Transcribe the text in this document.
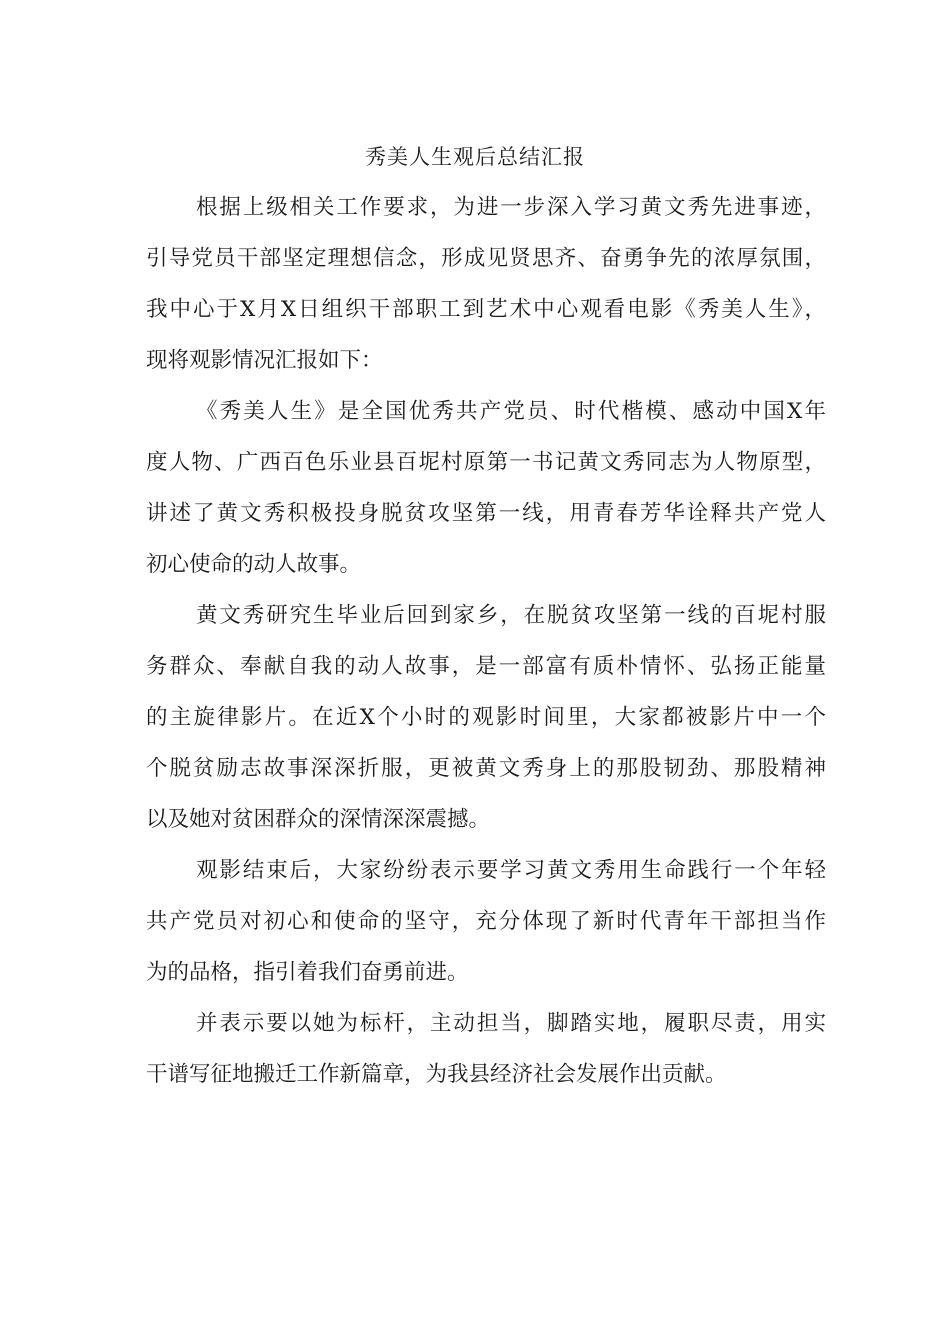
秀美人生观后总结汇报
根据上级相关工作要求，为进一步深入学习黄文秀先进事迹，
引导党员干部坚定理想信念，形成见贤思齐、奋勇争先的浓厚氛围，
我中心于X月X日组织干部职工到艺术中心观看电影《秀美人生》，
现将观影情况汇报如下：
《秀美人生》是全国优秀共产党员、时代楷模、感动中国X年
度人物、广西百色乐业县百坭村原第一书记黄文秀同志为人物原型，
讲述了黄文秀积极投身脱贫攻坚第一线，用青春芳华诠释共产党人
初心使命的动人故事。
黄文秀研究生毕业后回到家乡，在脱贫攻坚第一线的百坭村服
务群众、奉献自我的动人故事，是一部富有质朴情怀、弘扬正能量
的主旋律影片。在近X个小时的观影时间里，大家都被影片中一个
个脱贫励志故事深深折服，更被黄文秀身上的那股韧劲、那股精神
以及她对贫困群众的深情深深震撼。
观影结束后，大家纷纷表示要学习黄文秀用生命践行一个年轻
共产党员对初心和使命的坚守，充分体现了新时代青年干部担当作
为的品格，指引着我们奋勇前进。
并表示要以她为标杆，主动担当，脚踏实地，履职尽责，用实
干谱写征地搬迁工作新篇章，为我县经济社会发展作出贡献。
